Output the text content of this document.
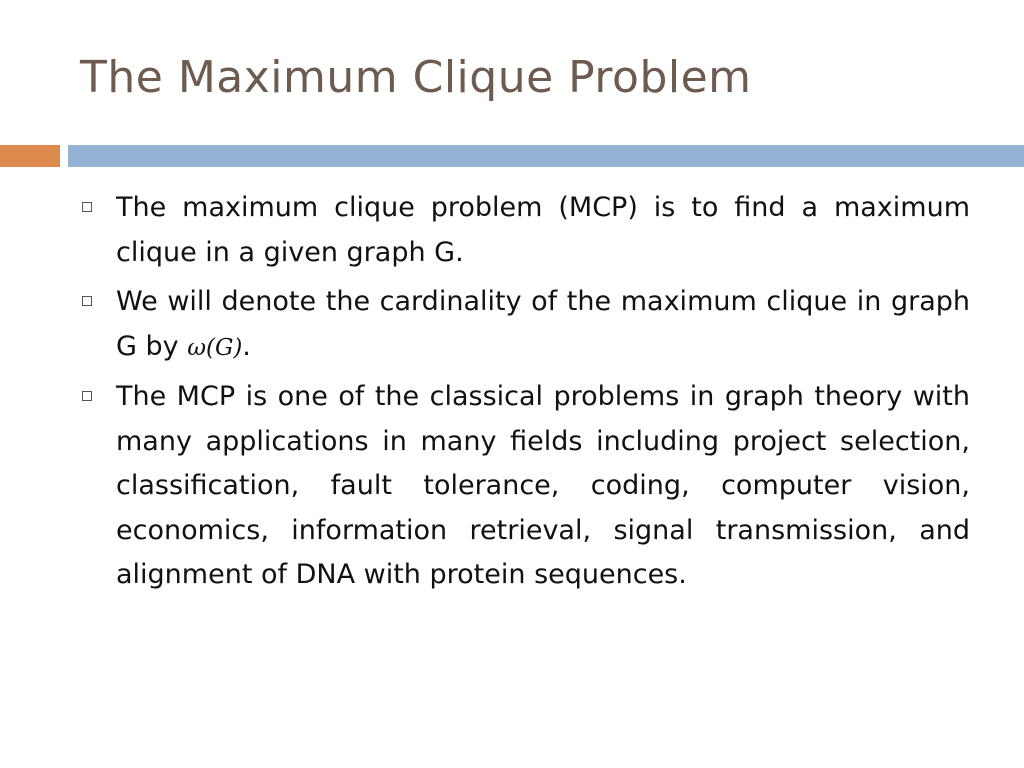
The Maximum Clique Problem
The maximum clique problem (MCP) is to find a maximum clique in a given graph G.
We will denote the cardinality of the maximum clique in graph G by ω(G).
The MCP is one of the classical problems in graph theory with many applications in many fields including project selection, classification, fault tolerance, coding, computer vision, economics, information retrieval, signal transmission, and alignment of DNA with protein sequences.
